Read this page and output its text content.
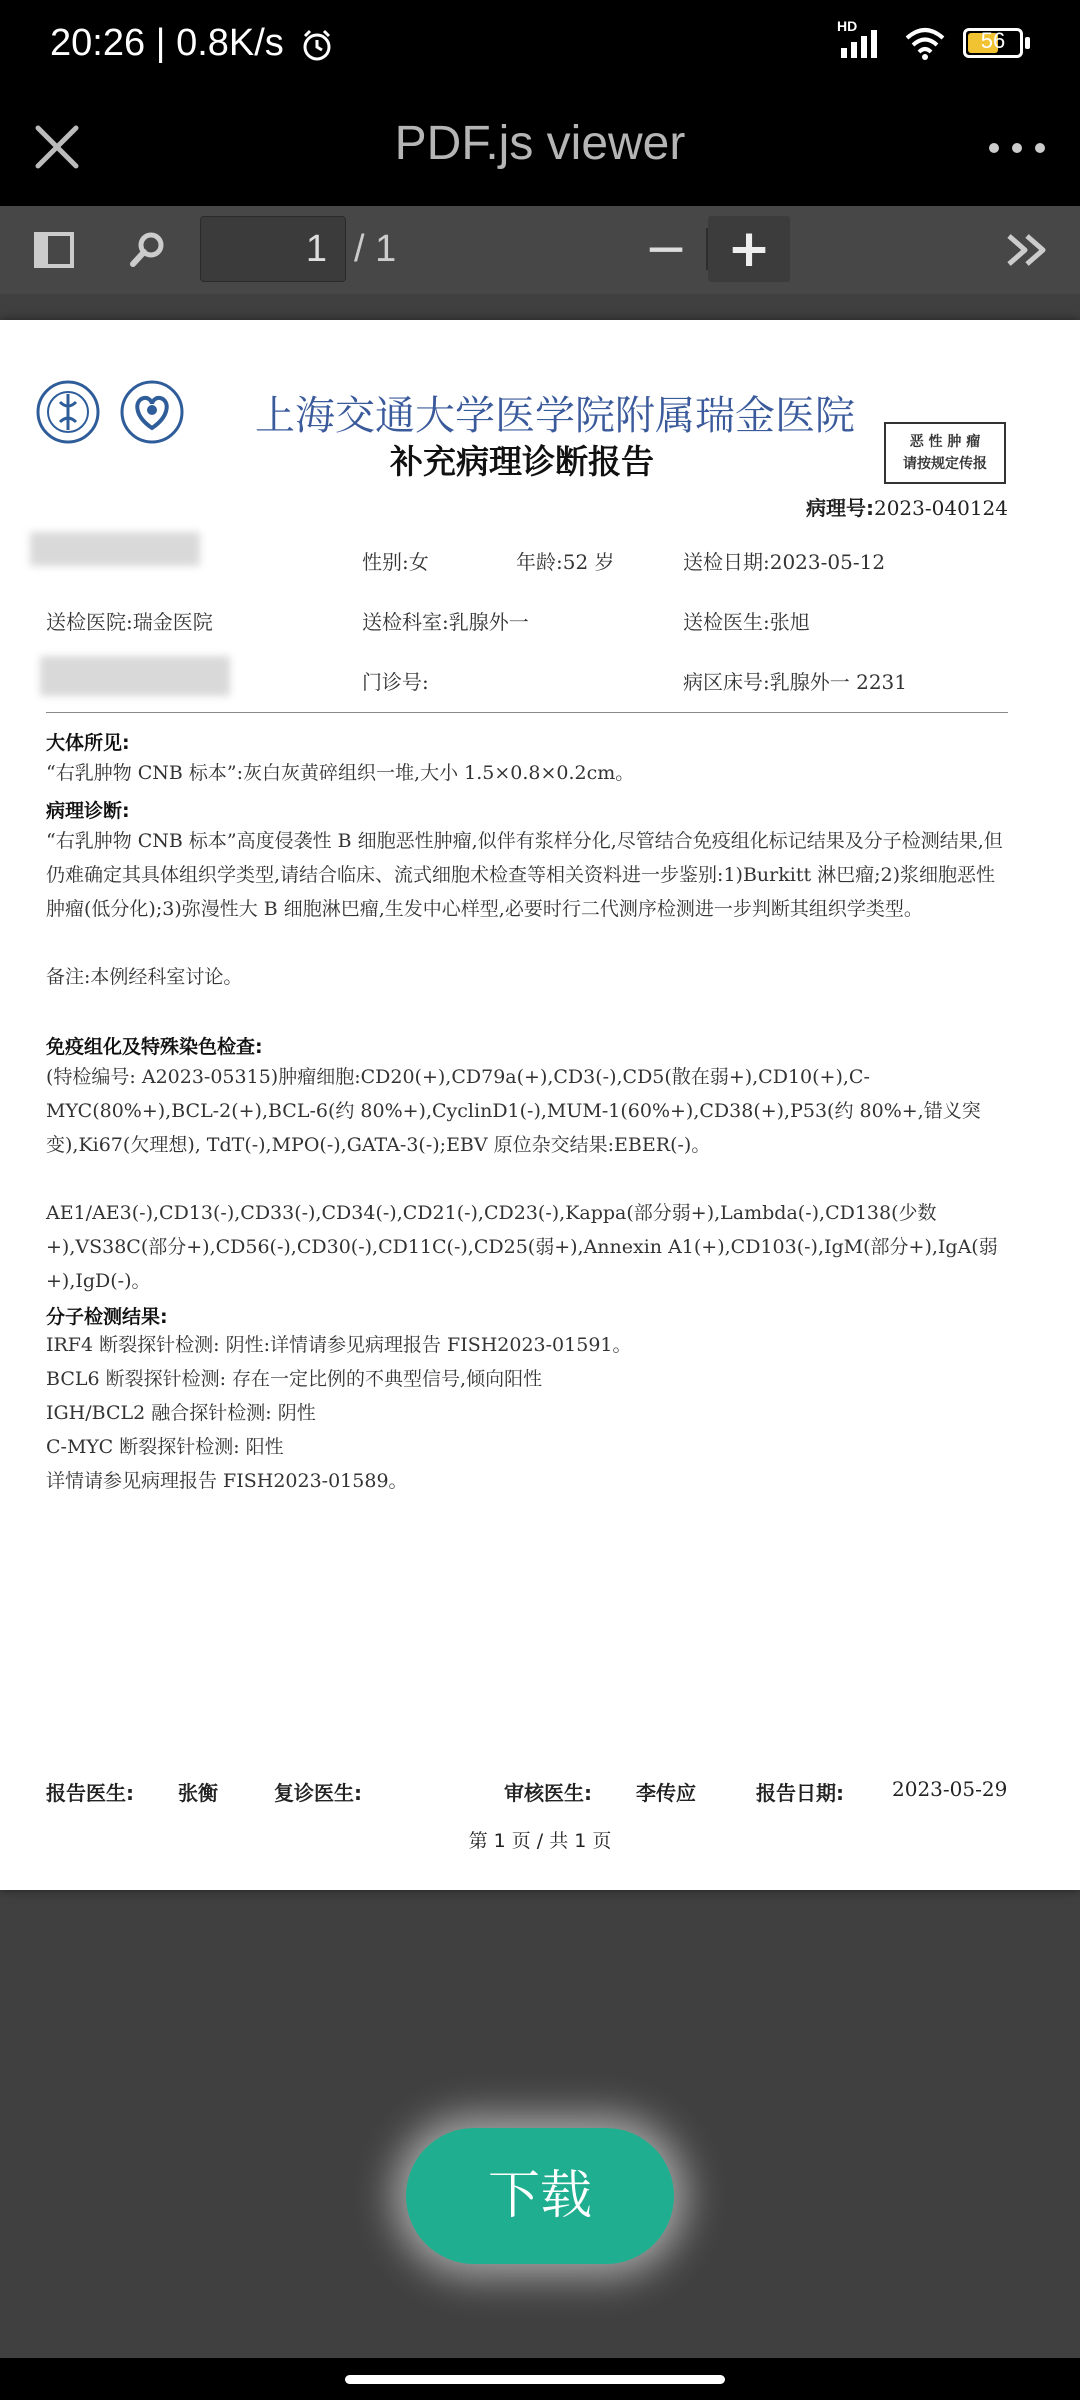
20:26 | 0.8K/s	HD
56
PDF.js viewer
1 / 1	− +
上海交通大学医学院附属瑞金医院
补充病理诊断报告	恶 性 肿 瘤
请按规定传报
病理号:2023-040124
性别:女	年龄:52 岁	送检日期:2023-05-12
送检医院:瑞金医院	送检科室:乳腺外一	送检医生:张旭
门诊号:	病区床号:乳腺外一 2231
大体所见:
“右乳肿物 CNB 标本”:灰白灰黄碎组织一堆,大小 1.5×0.8×0.2cm。
病理诊断:
“右乳肿物 CNB 标本”高度侵袭性 B 细胞恶性肿瘤,似伴有浆样分化,尽管结合免疫组化标记结果及分子检测结果,但仍难确定其具体组织学类型,请结合临床、流式细胞术检查等相关资料进一步鉴别:1)Burkitt 淋巴瘤;2)浆细胞恶性肿瘤(低分化);3)弥漫性大 B 细胞淋巴瘤,生发中心样型,必要时行二代测序检测进一步判断其组织学类型。
备注:本例经科室讨论。
免疫组化及特殊染色检查:
(特检编号: A2023-05315)肿瘤细胞:CD20(+),CD79a(+),CD3(-),CD5(散在弱+),CD10(+),C-MYC(80%+),BCL-2(+),BCL-6(约 80%+),CyclinD1(-),MUM-1(60%+),CD38(+),P53(约 80%+,错义突变),Ki67(欠理想), TdT(-),MPO(-),GATA-3(-);EBV 原位杂交结果:EBER(-)。
AE1/AE3(-),CD13(-),CD33(-),CD34(-),CD21(-),CD23(-),Kappa(部分弱+),Lambda(-),CD138(少数+),VS38C(部分+),CD56(-),CD30(-),CD11C(-),CD25(弱+),Annexin A1(+),CD103(-),IgM(部分+),IgA(弱+),IgD(-)。
分子检测结果:
IRF4 断裂探针检测: 阴性:详情请参见病理报告 FISH2023-01591。
BCL6 断裂探针检测: 存在一定比例的不典型信号,倾向阳性
IGH/BCL2 融合探针检测: 阴性
C-MYC 断裂探针检测: 阳性
详情请参见病理报告 FISH2023-01589。
报告医生: 张衡	复诊医生:	审核医生: 李传应	报告日期: 2023-05-29
第 1 页 / 共 1 页
下载
